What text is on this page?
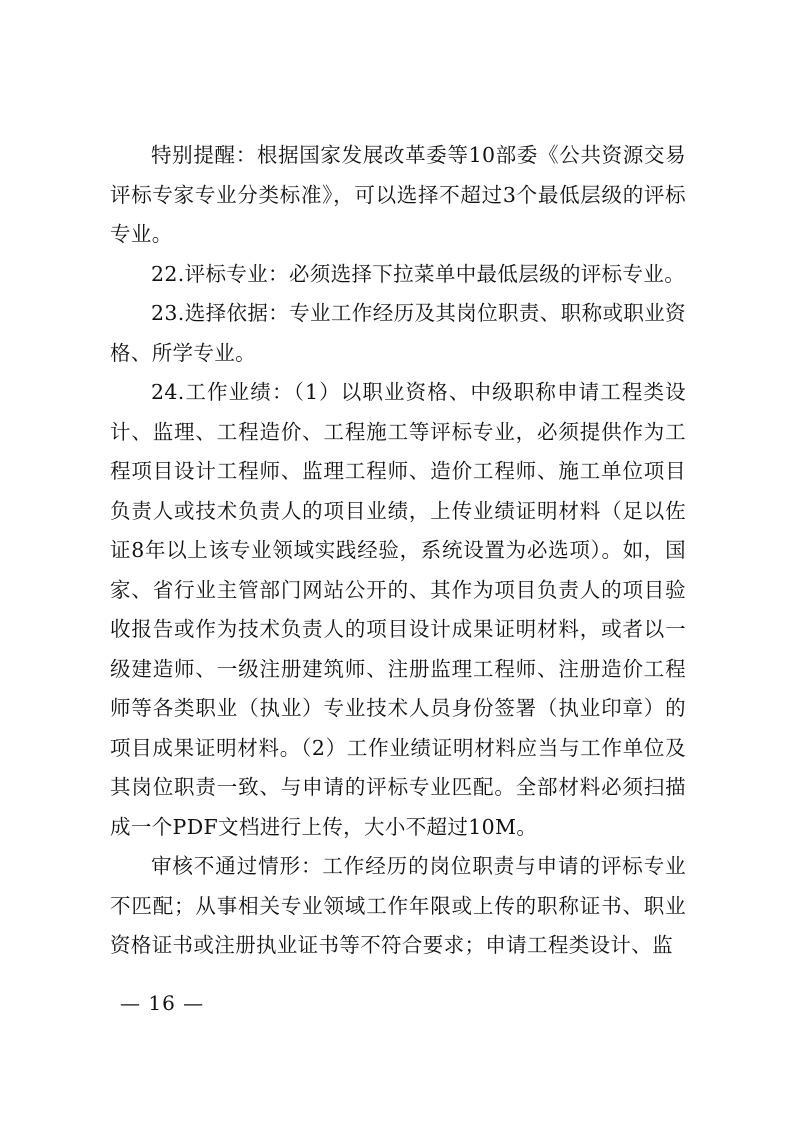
特别提醒：根据国家发展改革委等10部委《公共资源交易评标专家专业分类标准》，可以选择不超过3个最低层级的评标专业。

22.评标专业：必须选择下拉菜单中最低层级的评标专业。

23.选择依据：专业工作经历及其岗位职责、职称或职业资格、所学专业。

24.工作业绩：（1）以职业资格、中级职称申请工程类设计、监理、工程造价、工程施工等评标专业，必须提供作为工程项目设计工程师、监理工程师、造价工程师、施工单位项目负责人或技术负责人的项目业绩，上传业绩证明材料（足以佐证8年以上该专业领域实践经验，系统设置为必选项）。如，国家、省行业主管部门网站公开的、其作为项目负责人的项目验收报告或作为技术负责人的项目设计成果证明材料，或者以一级建造师、一级注册建筑师、注册监理工程师、注册造价工程师等各类职业（执业）专业技术人员身份签署（执业印章）的项目成果证明材料。（2）工作业绩证明材料应当与工作单位及其岗位职责一致、与申请的评标专业匹配。全部材料必须扫描成一个PDF文档进行上传，大小不超过10M。

审核不通过情形：工作经历的岗位职责与申请的评标专业不匹配；从事相关专业领域工作年限或上传的职称证书、职业资格证书或注册执业证书等不符合要求；申请工程类设计、监

— 16 —
